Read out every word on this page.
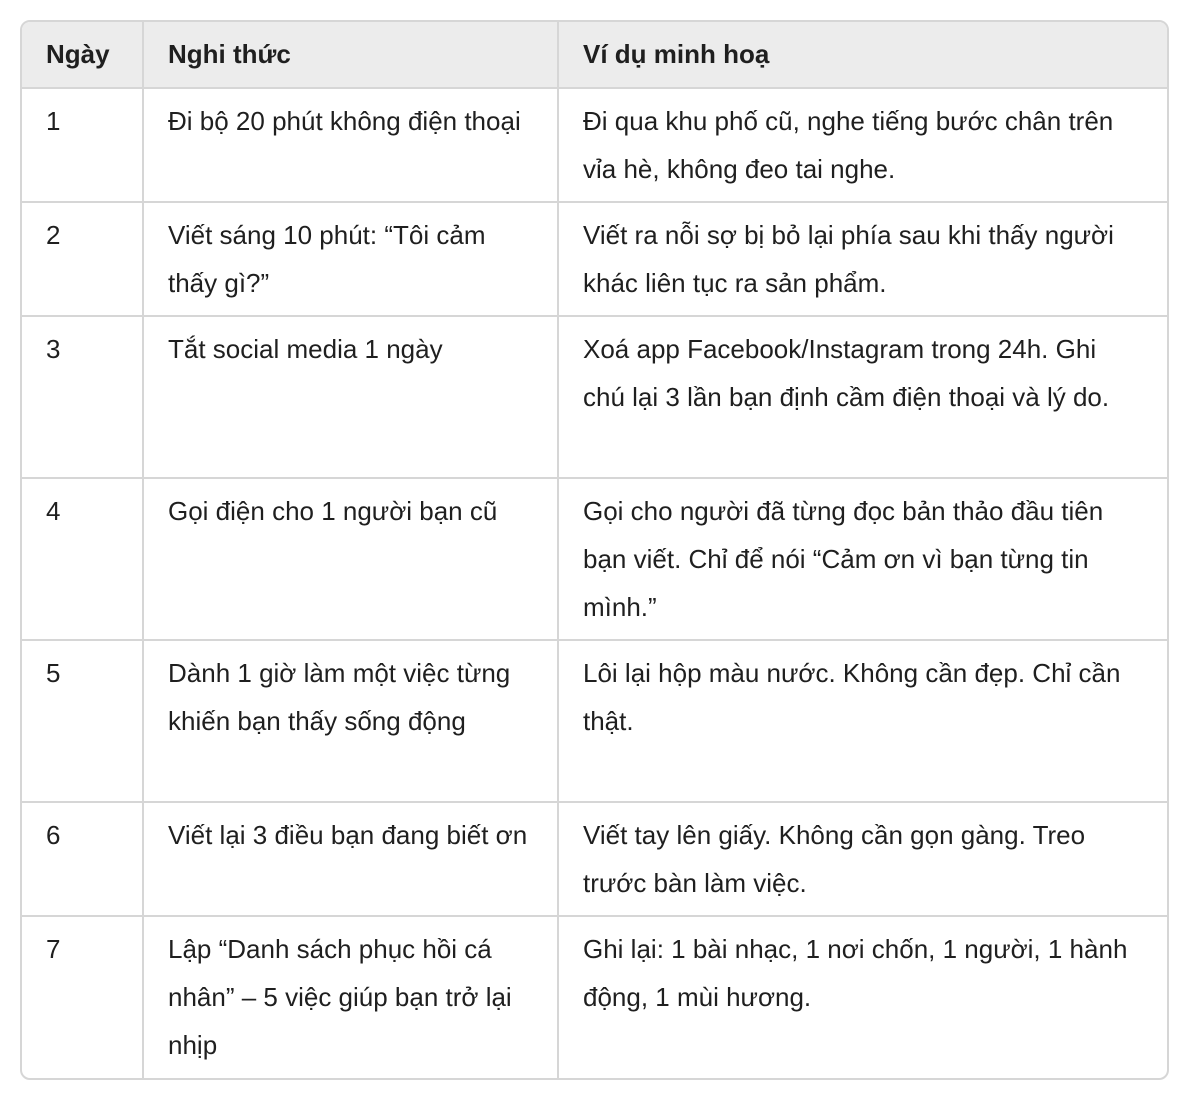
Ngày	Nghi thức	Ví dụ minh hoạ
1	Đi bộ 20 phút không điện thoại	Đi qua khu phố cũ, nghe tiếng bước chân trên vỉa hè, không đeo tai nghe.
2	Viết sáng 10 phút: “Tôi cảm thấy gì?”	Viết ra nỗi sợ bị bỏ lại phía sau khi thấy người khác liên tục ra sản phẩm.
3	Tắt social media 1 ngày	Xoá app Facebook/Instagram trong 24h. Ghi chú lại 3 lần bạn định cầm điện thoại và lý do.
4	Gọi điện cho 1 người bạn cũ	Gọi cho người đã từng đọc bản thảo đầu tiên bạn viết. Chỉ để nói “Cảm ơn vì bạn từng tin mình.”
5	Dành 1 giờ làm một việc từng khiến bạn thấy sống động	Lôi lại hộp màu nước. Không cần đẹp. Chỉ cần thật.
6	Viết lại 3 điều bạn đang biết ơn	Viết tay lên giấy. Không cần gọn gàng. Treo trước bàn làm việc.
7	Lập “Danh sách phục hồi cá nhân” – 5 việc giúp bạn trở lại nhịp	Ghi lại: 1 bài nhạc, 1 nơi chốn, 1 người, 1 hành động, 1 mùi hương.
